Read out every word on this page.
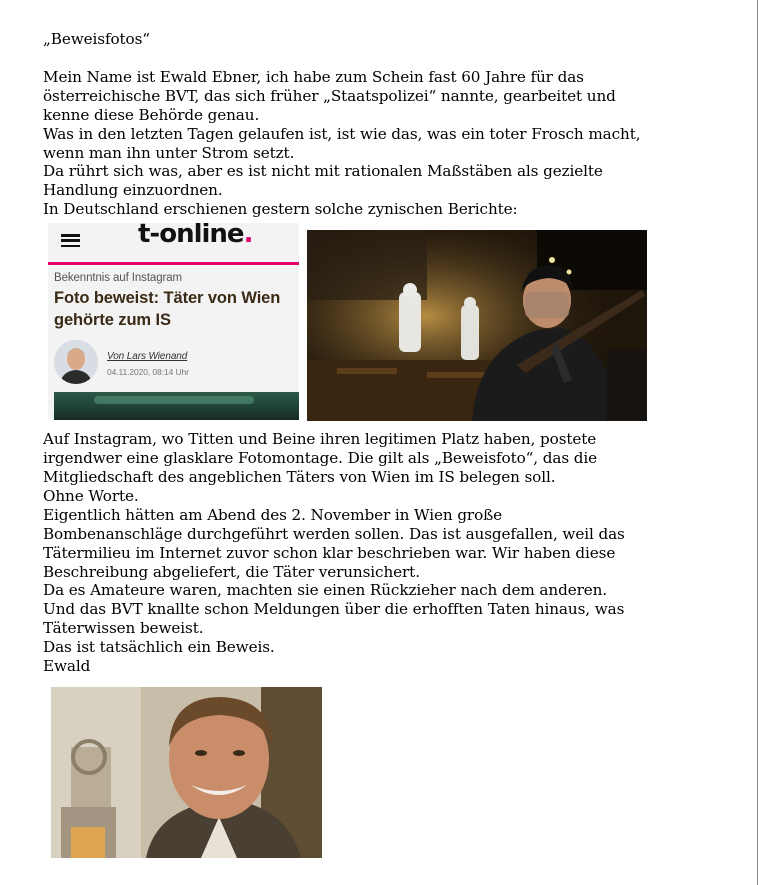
„Beweisfotos“

Mein Name ist Ewald Ebner, ich habe zum Schein fast 60 Jahre für das

österreichische BVT, das sich früher „Staatspolizei“ nannte, gearbeitet und

kenne diese Behörde genau.

Was in den letzten Tagen gelaufen ist, ist wie das, was ein toter Frosch macht,

wenn man ihn unter Strom setzt.

Da rührt sich was, aber es ist nicht mit rationalen Maßstäben als gezielte

Handlung einzuordnen.

In Deutschland erschienen gestern solche zynischen Berichte:

t-online.
Bekenntnis auf Instagram
Foto beweist: Täter von Wien
gehörte zum IS
Von Lars Wienand
04.11.2020, 08:14 Uhr

Auf Instagram, wo Titten und Beine ihren legitimen Platz haben, postete

irgendwer eine glasklare Fotomontage. Die gilt als „Beweisfoto“, das die

Mitgliedschaft des angeblichen Täters von Wien im IS belegen soll.

Ohne Worte.

Eigentlich hätten am Abend des 2. November in Wien große

Bombenanschläge durchgeführt werden sollen. Das ist ausgefallen, weil das

Tätermilieu im Internet zuvor schon klar beschrieben war. Wir haben diese

Beschreibung abgeliefert, die Täter verunsichert.

Da es Amateure waren, machten sie einen Rückzieher nach dem anderen.

Und das BVT knallte schon Meldungen über die erhofften Taten hinaus, was

Täterwissen beweist.

Das ist tatsächlich ein Beweis.

Ewald
